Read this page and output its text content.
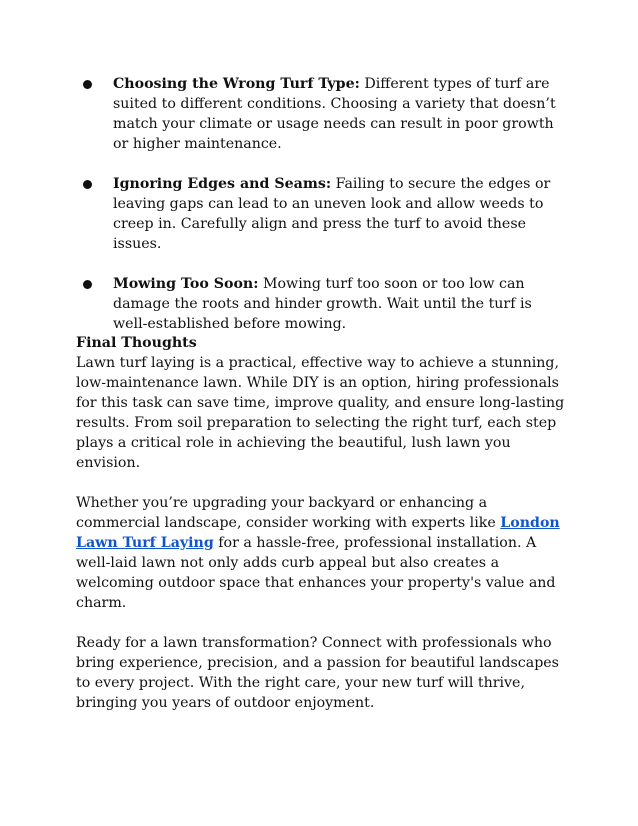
Choosing the Wrong Turf Type: Different types of turf are suited to different conditions. Choosing a variety that doesn’t match your climate or usage needs can result in poor growth or higher maintenance.
Ignoring Edges and Seams: Failing to secure the edges or leaving gaps can lead to an uneven look and allow weeds to creep in. Carefully align and press the turf to avoid these issues.
Mowing Too Soon: Mowing turf too soon or too low can damage the roots and hinder growth. Wait until the turf is well-established before mowing.

Final Thoughts
Lawn turf laying is a practical, effective way to achieve a stunning, low-maintenance lawn. While DIY is an option, hiring professionals for this task can save time, improve quality, and ensure long-lasting results. From soil preparation to selecting the right turf, each step plays a critical role in achieving the beautiful, lush lawn you envision.

Whether you’re upgrading your backyard or enhancing a commercial landscape, consider working with experts like London Lawn Turf Laying for a hassle-free, professional installation. A well-laid lawn not only adds curb appeal but also creates a welcoming outdoor space that enhances your property's value and charm.

Ready for a lawn transformation? Connect with professionals who bring experience, precision, and a passion for beautiful landscapes to every project. With the right care, your new turf will thrive, bringing you years of outdoor enjoyment.
